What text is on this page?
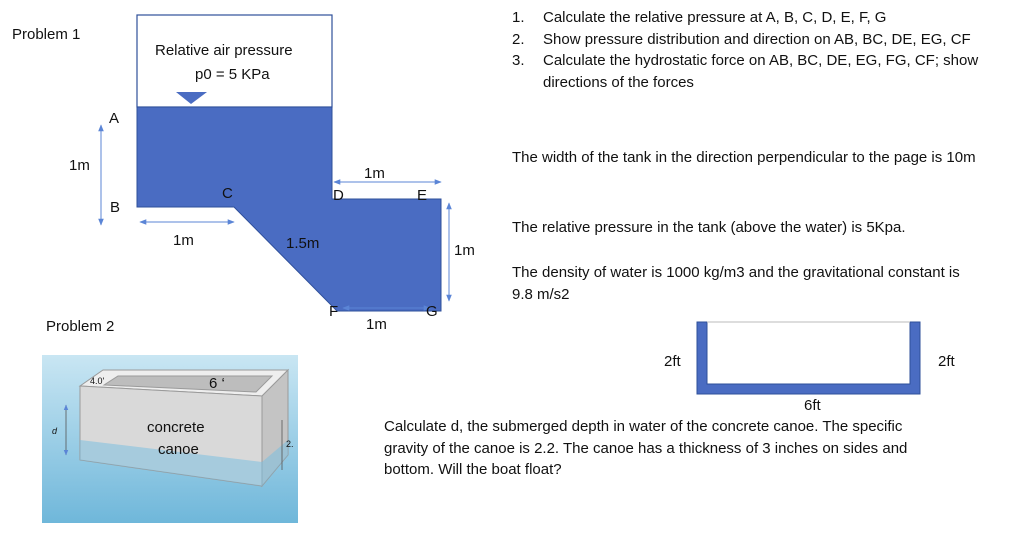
A
B
C	D	E
F	G
1m
1m	1.5m
1m
1m
1m
6 ‘
4.0'
d
2.
concrete
canoe
2ft	2ft
6ft
Problem 1
Relative air pressure
p0 = 5 KPa
Problem 2
1. Calculate the relative pressure at A, B, C, D, E, F, G
2. Show pressure distribution and direction on AB, BC, DE, EG, CF
3. Calculate the hydrostatic force on AB, BC, DE, EG, FG, CF; show directions of the forces
The width of the tank in the direction perpendicular to the page is 10m
The relative pressure in the tank (above the water) is 5Kpa.
The density of water is 1000 kg/m3 and the gravitational constant is 9.8 m/s2
Calculate d, the submerged depth in water of the concrete canoe. The specific gravity of the canoe is 2.2. The canoe has a thickness of 3 inches on sides and bottom. Will the boat float?
